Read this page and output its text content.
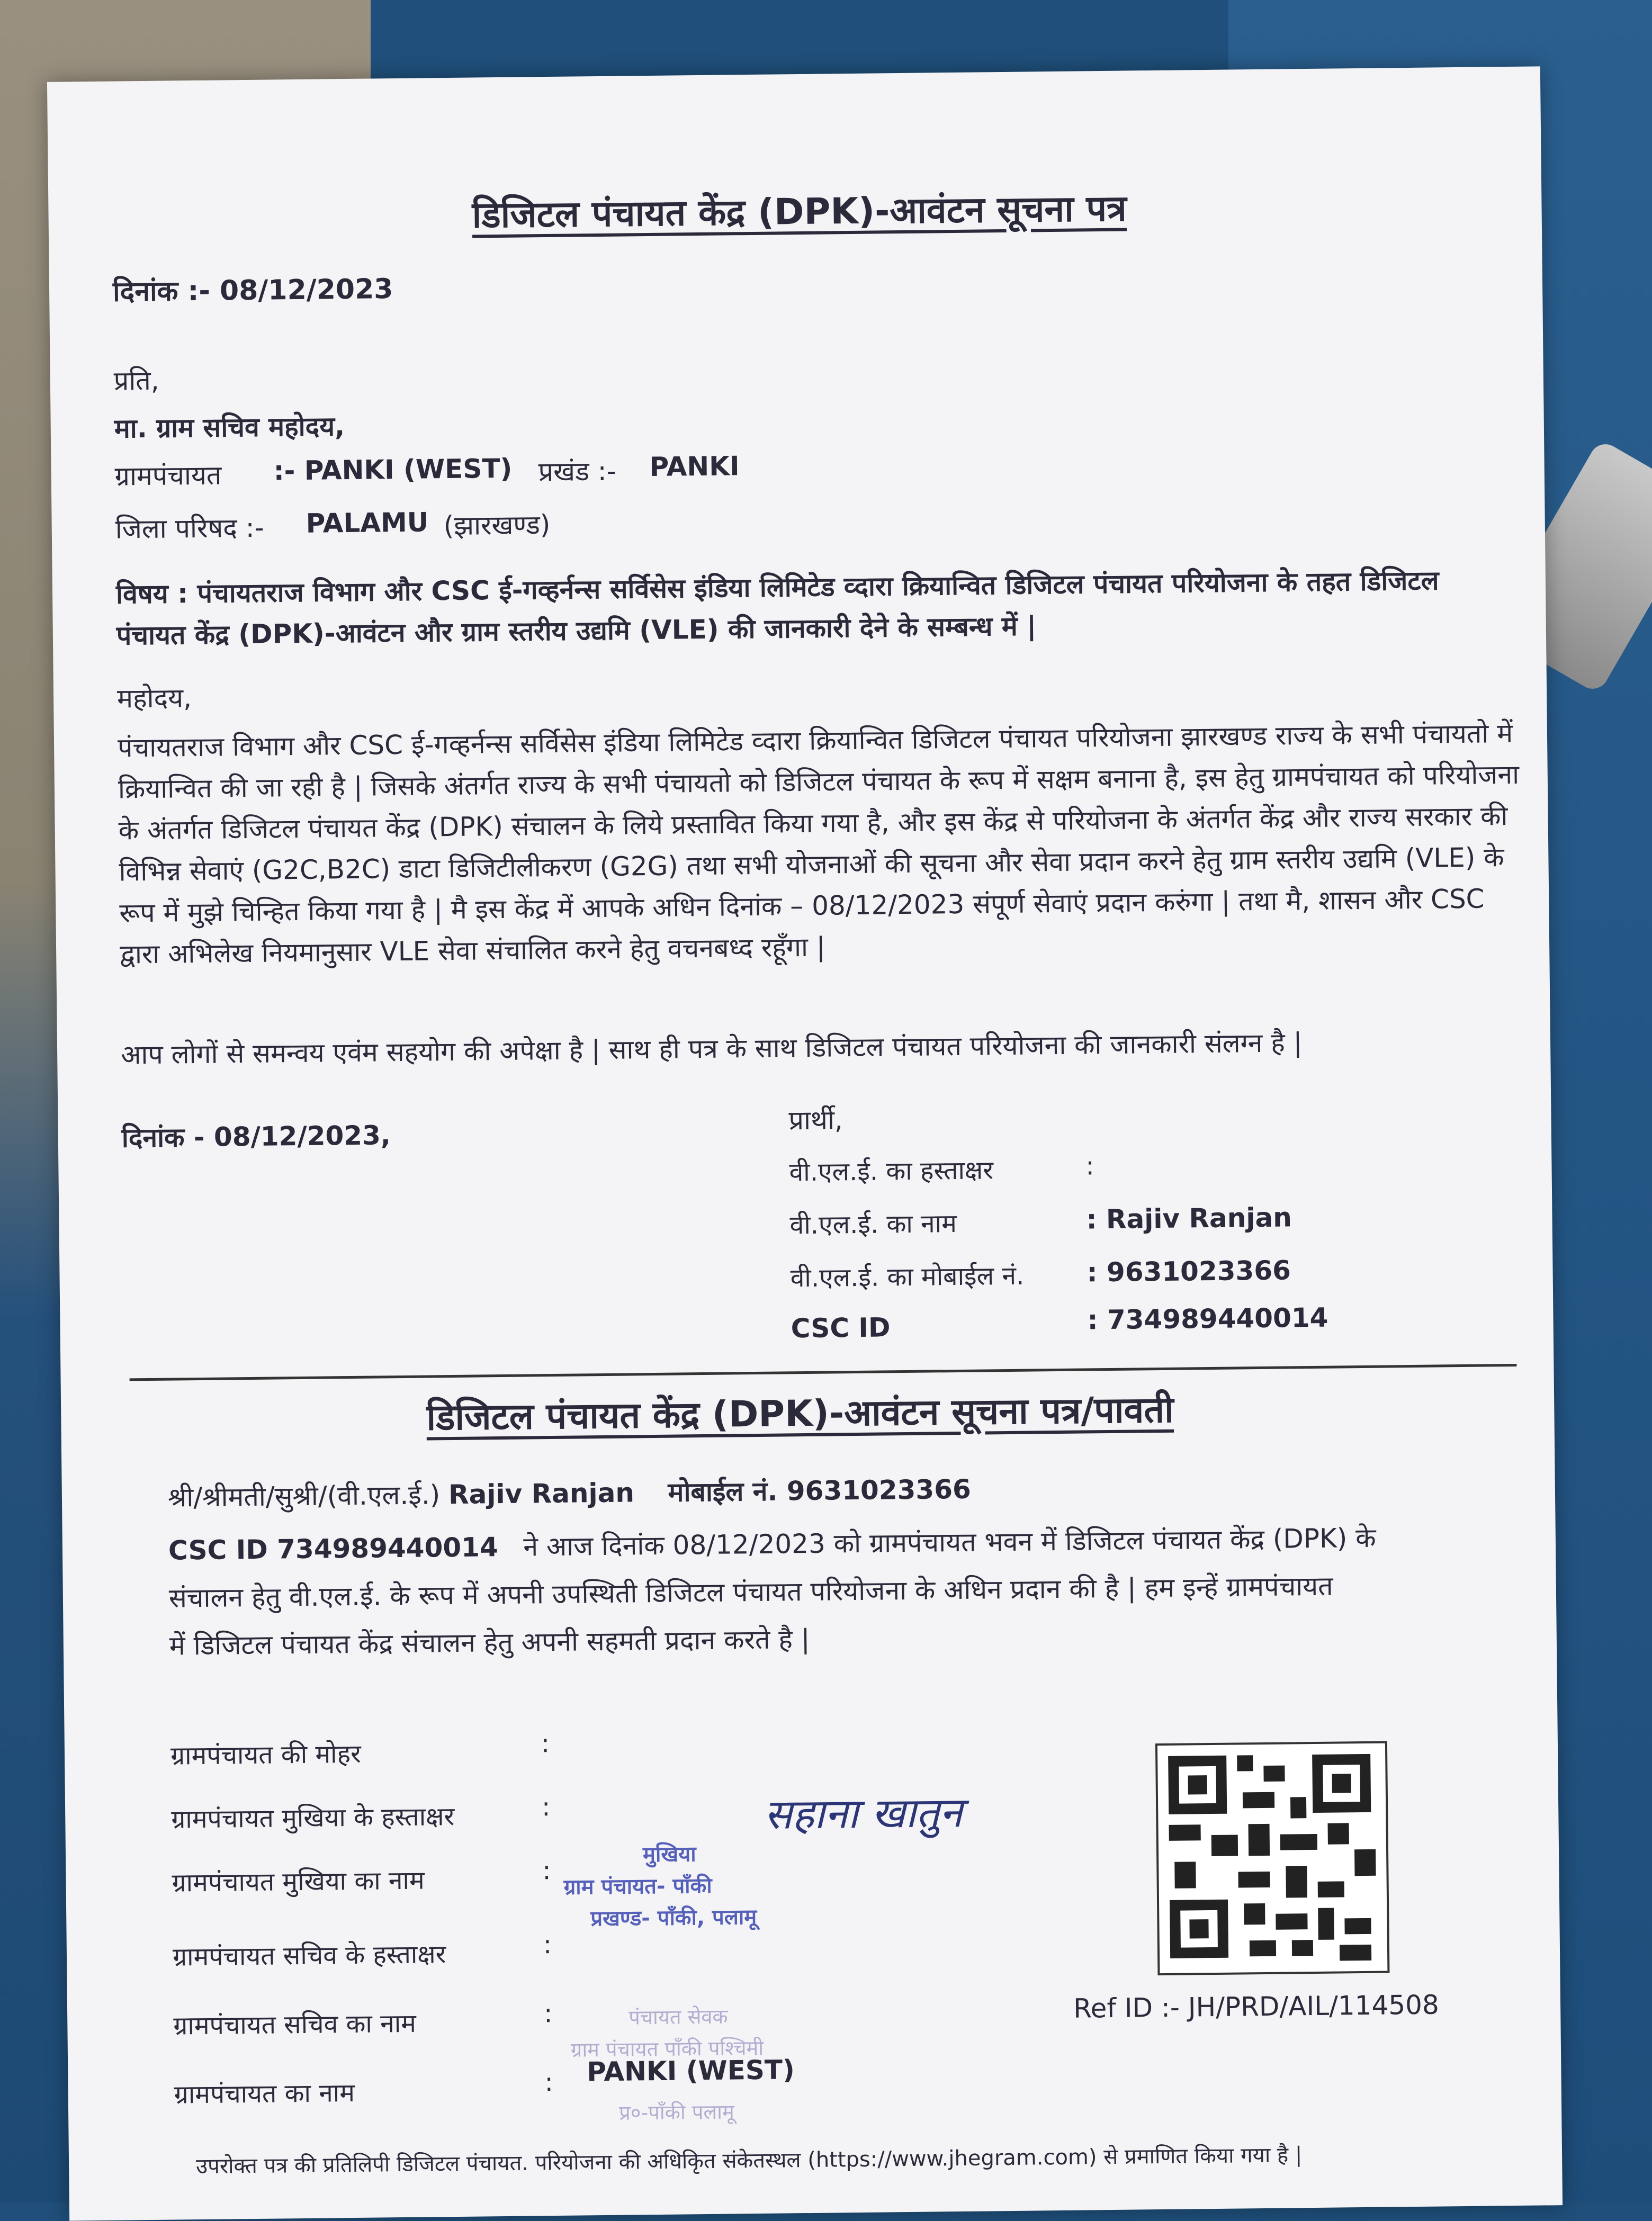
डिजिटल पंचायत केंद्र (DPK)-आवंटन सूचना पत्र
दिनांक :- 08/12/2023
प्रति,
मा. ग्राम सचिव महोदय,
ग्रामपंचायत :- PANKI (WEST) प्रखंड :- PANKI
जिला परिषद :- PALAMU (झारखण्ड)
विषय : पंचायतराज विभाग और CSC ई-गव्हर्नन्स सर्विसेस इंडिया लिमिटेड व्दारा क्रियान्वित डिजिटल पंचायत परियोजना के तहत डिजिटल पंचायत केंद्र (DPK)-आवंटन और ग्राम स्तरीय उद्यमि (VLE) की जानकारी देने के सम्बन्ध में |
महोदय,
पंचायतराज विभाग और CSC ई-गव्हर्नन्स सर्विसेस इंडिया लिमिटेड व्दारा क्रियान्वित डिजिटल पंचायत परियोजना झारखण्ड राज्य के सभी पंचायतो में क्रियान्वित की जा रही है | जिसके अंतर्गत राज्य के सभी पंचायतो को डिजिटल पंचायत के रूप में सक्षम बनाना है, इस हेतु ग्रामपंचायत को परियोजना के अंतर्गत डिजिटल पंचायत केंद्र (DPK) संचालन के लिये प्रस्तावित किया गया है, और इस केंद्र से परियोजना के अंतर्गत केंद्र और राज्य सरकार की विभिन्न सेवाएं (G2C,B2C) डाटा डिजिटीलीकरण (G2G) तथा सभी योजनाओं की सूचना और सेवा प्रदान करने हेतु ग्राम स्तरीय उद्यमि (VLE) के रूप में मुझे चिन्हित किया गया है | मै इस केंद्र में आपके अधिन दिनांक – 08/12/2023 संपूर्ण सेवाएं प्रदान करुंगा | तथा मै, शासन और CSC द्वारा अभिलेख नियमानुसार VLE सेवा संचालित करने हेतु वचनबध्द रहूँगा |
आप लोगों से समन्वय एवंम सहयोग की अपेक्षा है | साथ ही पत्र के साथ डिजिटल पंचायत परियोजना की जानकारी संलग्न है |
दिनांक - 08/12/2023,	प्रार्थी,
वी.एल.ई. का हस्ताक्षर	:
वी.एल.ई. का नाम	: Rajiv Ranjan
वी.एल.ई. का मोबाईल नं. : 9631023366
CSC ID	: 734989440014
डिजिटल पंचायत केंद्र (DPK)-आवंटन सूचना पत्र/पावती
श्री/श्रीमती/सुश्री/(वी.एल.ई.) Rajiv Ranjan मोबाईल नं. 9631023366
CSC ID 734989440014 ने आज दिनांक 08/12/2023 को ग्रामपंचायत भवन में डिजिटल पंचायत केंद्र (DPK) के
संचालन हेतु वी.एल.ई. के रूप में अपनी उपस्थिती डिजिटल पंचायत परियोजना के अधिन प्रदान की है | हम इन्हें ग्रामपंचायत
में डिजिटल पंचायत केंद्र संचालन हेतु अपनी सहमती प्रदान करते है |
ग्रामपंचायत की मोहर	:
ग्रामपंचायत मुखिया के हस्ताक्षर	:
ग्रामपंचायत मुखिया का नाम	:
ग्रामपंचायत सचिव के हस्ताक्षर	:
ग्रामपंचायत सचिव का नाम	:
ग्रामपंचायत का नाम	: PANKI (WEST)
सहाना खातुन
मुखिया
ग्राम पंचायत- पाँकी
प्रखण्ड- पाँकी, पलामू
पंचायत सेवक
ग्राम पंचायत पाँकी पश्चिमी
प्र०-पाँकी पलामू
Ref ID :- JH/PRD/AIL/114508
उपरोक्त पत्र की प्रतिलिपी डिजिटल पंचायत. परियोजना की अधिकृित संकेतस्थल (https://www.jhegram.com) से प्रमाणित किया गया है |
